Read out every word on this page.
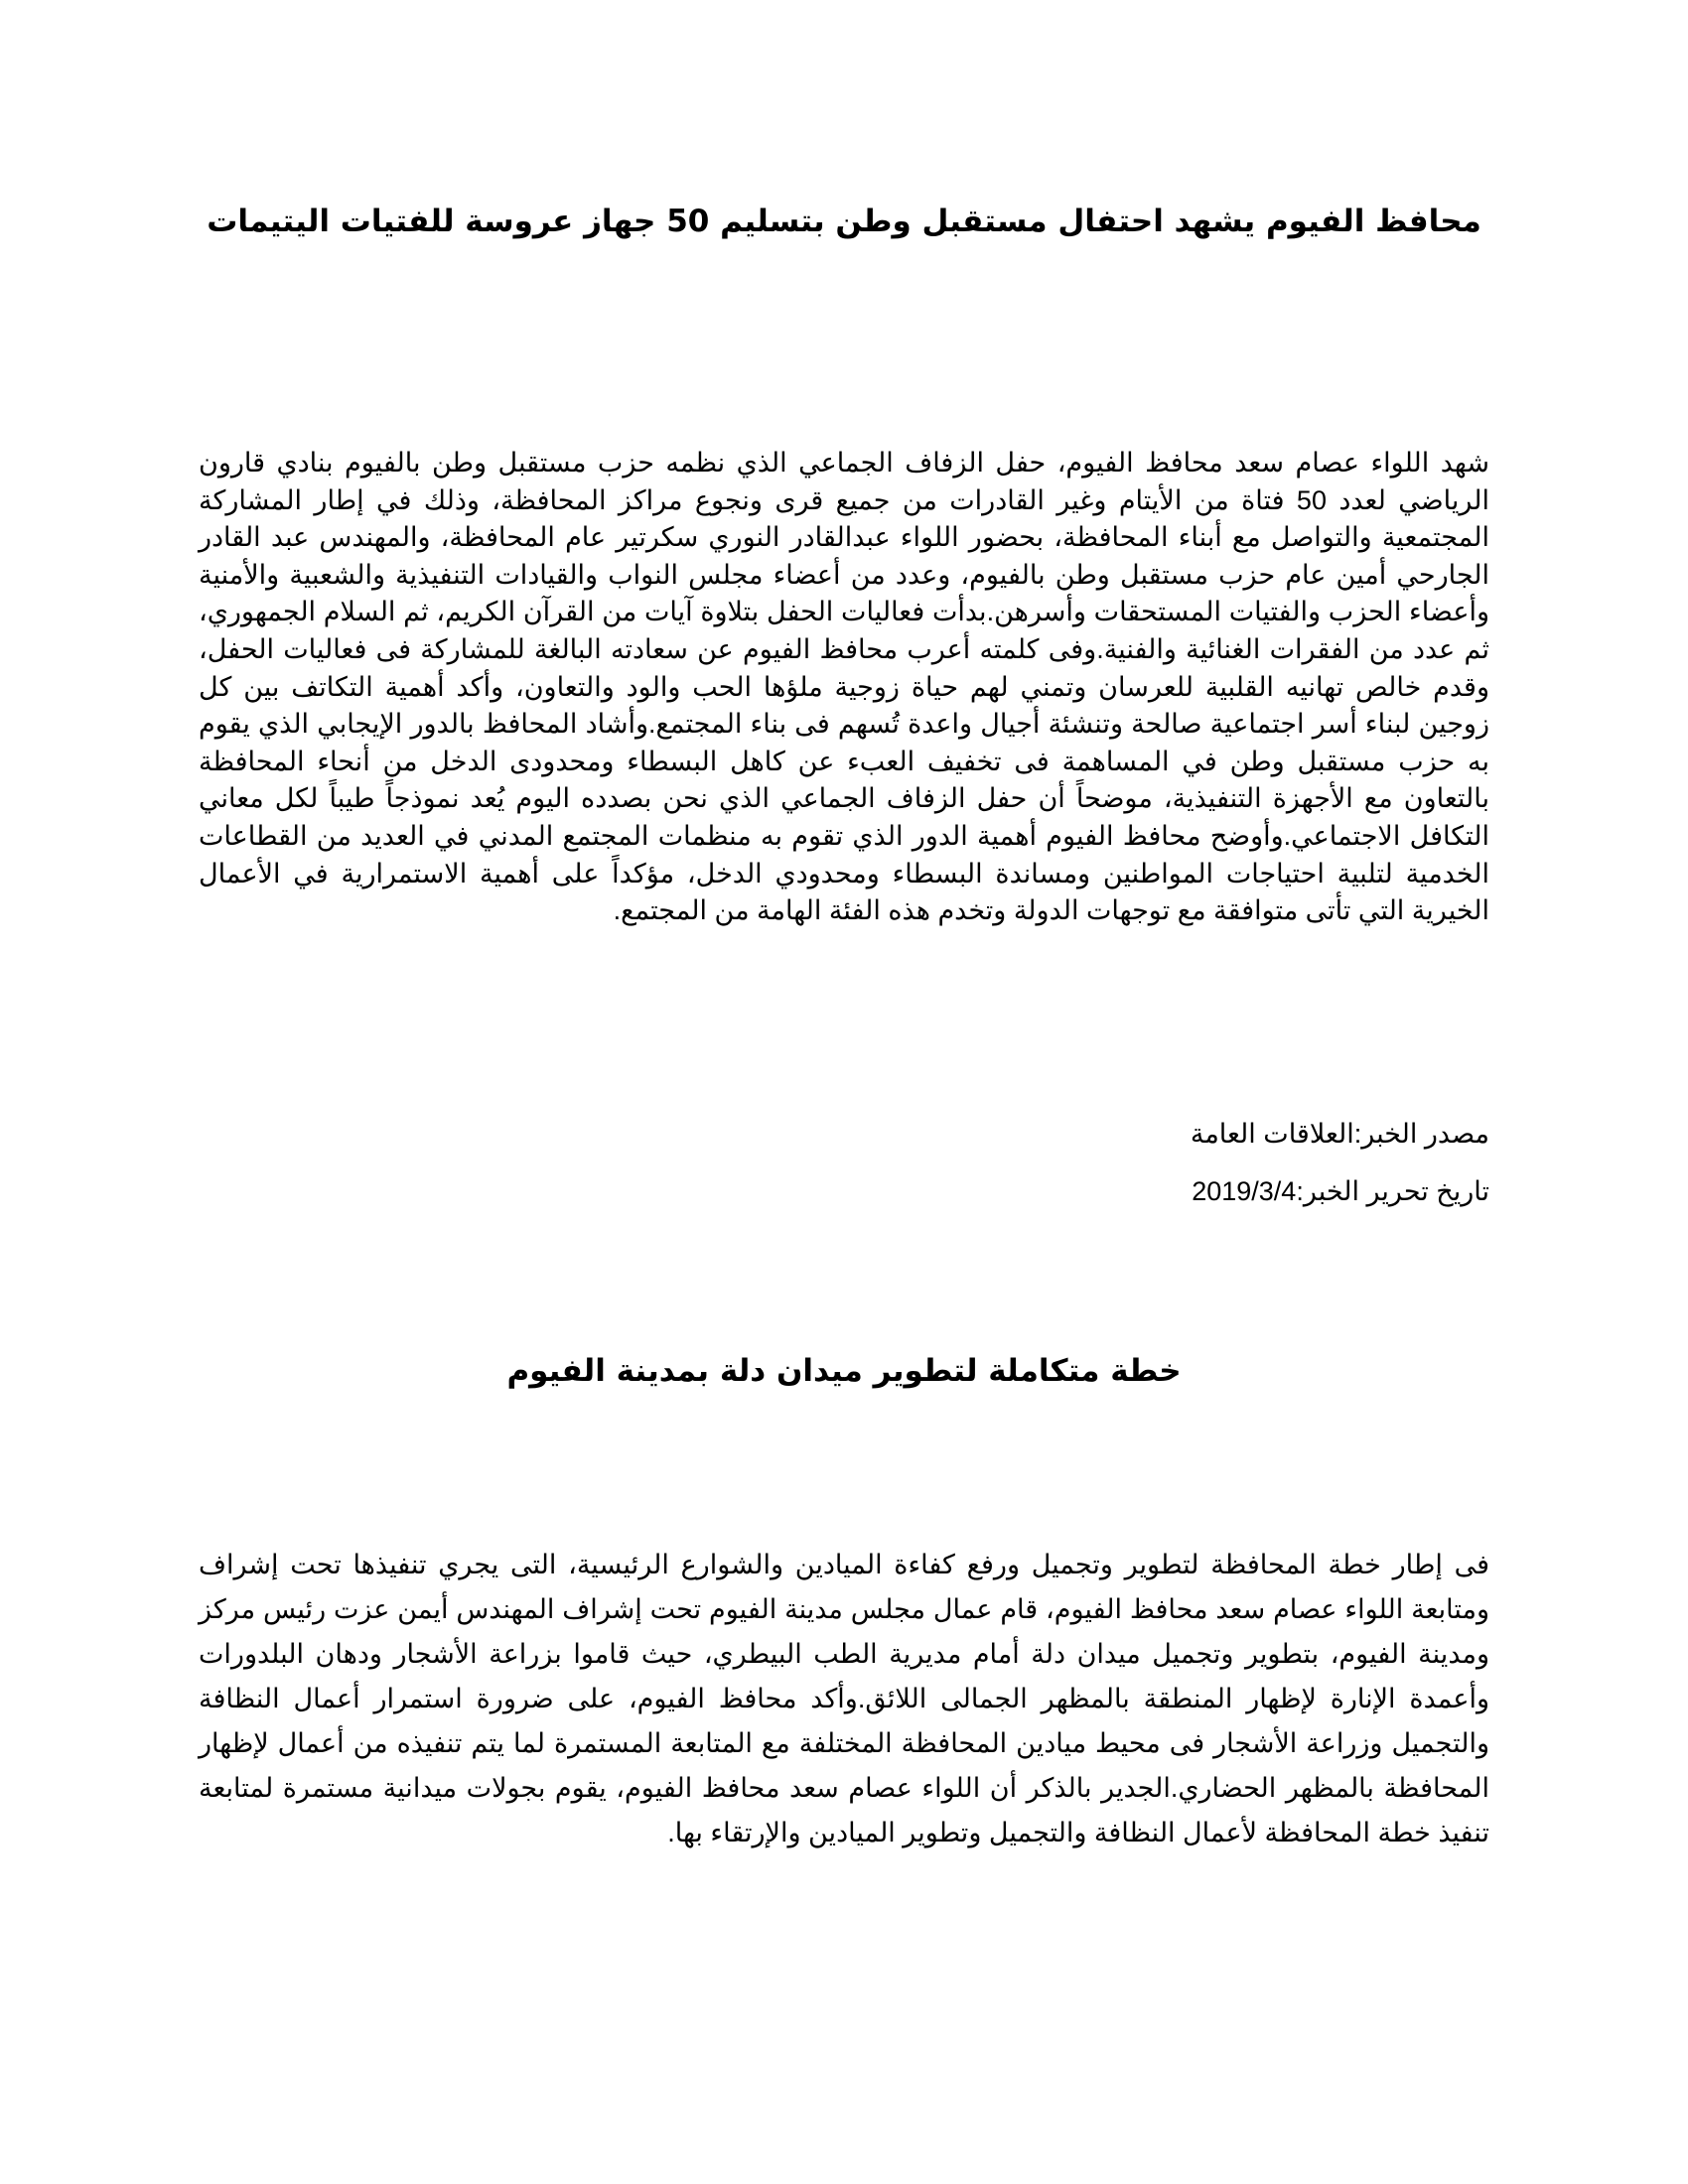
محافظ الفيوم يشهد احتفال مستقبل وطن بتسليم 50 جهاز عروسة للفتيات اليتيمات

شهد اللواء عصام سعد محافظ الفيوم، حفل الزفاف الجماعي الذي نظمه حزب مستقبل وطن بالفيوم بنادي قارون الرياضي لعدد 50 فتاة من الأيتام وغير القادرات من جميع قرى ونجوع مراكز المحافظة، وذلك في إطار المشاركة المجتمعية والتواصل مع أبناء المحافظة، بحضور اللواء عبدالقادر النوري سكرتير عام المحافظة، والمهندس عبد القادر الجارحي أمين عام حزب مستقبل وطن بالفيوم، وعدد من أعضاء مجلس النواب والقيادات التنفيذية والشعبية والأمنية وأعضاء الحزب والفتيات المستحقات وأسرهن.بدأت فعاليات الحفل بتلاوة آيات من القرآن الكريم، ثم السلام الجمهوري، ثم عدد من الفقرات الغنائية والفنية.وفى كلمته أعرب محافظ الفيوم عن سعادته البالغة للمشاركة فى فعاليات الحفل، وقدم خالص تهانيه القلبية للعرسان وتمني لهم حياة زوجية ملؤها الحب والود والتعاون، وأكد أهمية التكاتف بين كل زوجين لبناء أسر اجتماعية صالحة وتنشئة أجيال واعدة تُسهم فى بناء المجتمع.وأشاد المحافظ بالدور الإيجابي الذي يقوم به حزب مستقبل وطن في المساهمة فى تخفيف العبء عن كاهل البسطاء ومحدودى الدخل من أنحاء المحافظة بالتعاون مع الأجهزة التنفيذية، موضحاً أن حفل الزفاف الجماعي الذي نحن بصدده اليوم يُعد نموذجاً طيباً لكل معاني التكافل الاجتماعي.وأوضح محافظ الفيوم أهمية الدور الذي تقوم به منظمات المجتمع المدني في العديد من القطاعات الخدمية لتلبية احتياجات المواطنين ومساندة البسطاء ومحدودي الدخل، مؤكداً على أهمية الاستمرارية في الأعمال الخيرية التي تأتى متوافقة مع توجهات الدولة وتخدم هذه الفئة الهامة من المجتمع.

مصدر الخبر:العلاقات العامة

تاريخ تحرير الخبر:2019/3/4

خطة متكاملة لتطوير ميدان دلة بمدينة الفيوم

فى إطار خطة المحافظة لتطوير وتجميل ورفع كفاءة الميادين والشوارع الرئيسية، التى يجري تنفيذها تحت إشراف ومتابعة اللواء عصام سعد محافظ الفيوم، قام عمال مجلس مدينة الفيوم تحت إشراف المهندس أيمن عزت رئيس مركز ومدينة الفيوم، بتطوير وتجميل ميدان دلة أمام مديرية الطب البيطري، حيث قاموا بزراعة الأشجار ودهان البلدورات وأعمدة الإنارة لإظهار المنطقة بالمظهر الجمالى اللائق.وأكد محافظ الفيوم، على ضرورة استمرار أعمال النظافة والتجميل وزراعة الأشجار فى محيط ميادين المحافظة المختلفة مع المتابعة المستمرة لما يتم تنفيذه من أعمال لإظهار المحافظة بالمظهر الحضاري.الجدير بالذكر أن اللواء عصام سعد محافظ الفيوم، يقوم بجولات ميدانية مستمرة لمتابعة تنفيذ خطة المحافظة لأعمال النظافة والتجميل وتطوير الميادين والإرتقاء بها.
